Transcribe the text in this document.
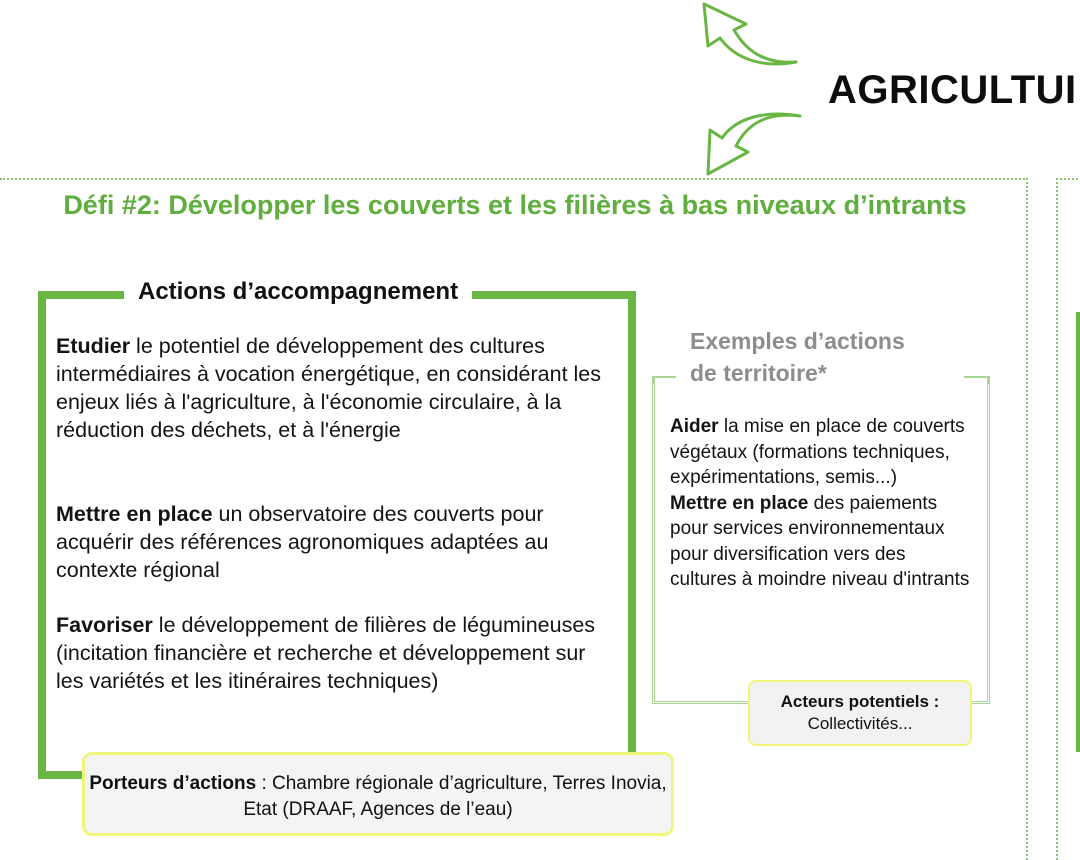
AGRICULTUI
Défi #2: Développer les couverts et les filières à bas niveaux d’intrants
Actions d’accompagnement
Etudier le potentiel de développement des cultures intermédiaires à vocation énergétique, en considérant les enjeux liés à l'agriculture, à l'économie circulaire, à la réduction des déchets, et à l'énergie
Mettre en place un observatoire des couverts pour acquérir des références agronomiques adaptées au contexte régional
Favoriser le développement de filières de légumineuses (incitation financière et recherche et développement sur les variétés et les itinéraires techniques)
Porteurs d’actions : Chambre régionale d’agriculture, Terres Inovia, Etat (DRAAF, Agences de l’eau)
Exemples d’actions
de territoire*
Aider la mise en place de couverts végétaux (formations techniques, expérimentations, semis...)
Mettre en place des paiements pour services environnementaux pour diversification vers des cultures à moindre niveau d'intrants
Acteurs potentiels :
Collectivités...
